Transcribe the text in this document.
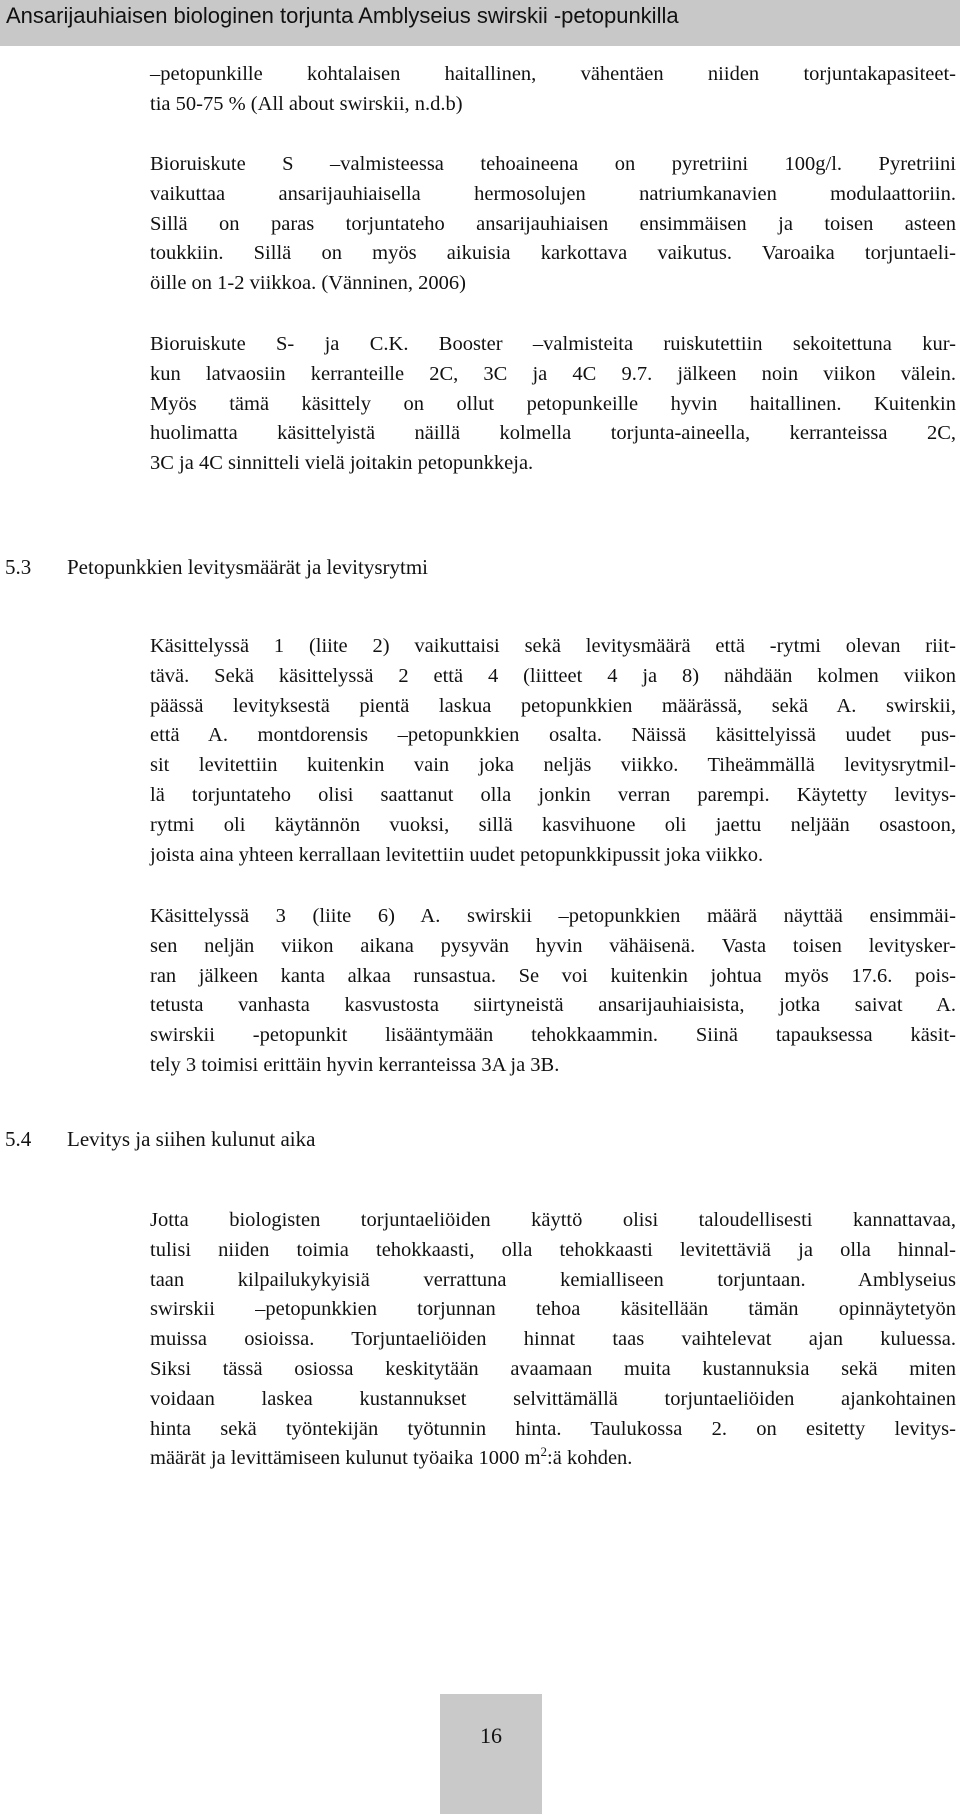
Ansarijauhiaisen biologinen torjunta Amblyseius swirskii -petopunkilla
–petopunkille kohtalaisen haitallinen, vähentäen niiden torjuntakapasiteet-
tia 50-75 % (All about swirskii, n.d.b)
Bioruiskute S –valmisteessa tehoaineena on pyretriini 100g/l. Pyretriini
vaikuttaa ansarijauhiaisella hermosolujen natriumkanavien modulaattoriin.
Sillä on paras torjuntateho ansarijauhiaisen ensimmäisen ja toisen asteen
toukkiin. Sillä on myös aikuisia karkottava vaikutus. Varoaika torjuntaeli-
öille on 1-2 viikkoa. (Vänninen, 2006)
Bioruiskute S- ja C.K. Booster –valmisteita ruiskutettiin sekoitettuna kur-
kun latvaosiin kerranteille 2C, 3C ja 4C 9.7. jälkeen noin viikon välein.
Myös tämä käsittely on ollut petopunkeille hyvin haitallinen. Kuitenkin
huolimatta käsittelyistä näillä kolmella torjunta-aineella, kerranteissa 2C,
3C ja 4C sinnitteli vielä joitakin petopunkkeja.
5.3 Petopunkkien levitysmäärät ja levitysrytmi
Käsittelyssä 1 (liite 2) vaikuttaisi sekä levitysmäärä että -rytmi olevan riit-
tävä. Sekä käsittelyssä 2 että 4 (liitteet 4 ja 8) nähdään kolmen viikon
päässä levityksestä pientä laskua petopunkkien määrässä, sekä A. swirskii,
että A. montdorensis –petopunkkien osalta. Näissä käsittelyissä uudet pus-
sit levitettiin kuitenkin vain joka neljäs viikko. Tiheämmällä levitysrytmil-
lä torjuntateho olisi saattanut olla jonkin verran parempi. Käytetty levitys-
rytmi oli käytännön vuoksi, sillä kasvihuone oli jaettu neljään osastoon,
joista aina yhteen kerrallaan levitettiin uudet petopunkkipussit joka viikko.
Käsittelyssä 3 (liite 6) A. swirskii –petopunkkien määrä näyttää ensimmäi-
sen neljän viikon aikana pysyvän hyvin vähäisenä. Vasta toisen levitysker-
ran jälkeen kanta alkaa runsastua. Se voi kuitenkin johtua myös 17.6. pois-
tetusta vanhasta kasvustosta siirtyneistä ansarijauhiaisista, jotka saivat A.
swirskii -petopunkit lisääntymään tehokkaammin. Siinä tapauksessa käsit-
tely 3 toimisi erittäin hyvin kerranteissa 3A ja 3B.
5.4 Levitys ja siihen kulunut aika
Jotta biologisten torjuntaeliöiden käyttö olisi taloudellisesti kannattavaa,
tulisi niiden toimia tehokkaasti, olla tehokkaasti levitettäviä ja olla hinnal-
taan kilpailukykyisiä verrattuna kemialliseen torjuntaan. Amblyseius
swirskii –petopunkkien torjunnan tehoa käsitellään tämän opinnäytetyön
muissa osioissa. Torjuntaeliöiden hinnat taas vaihtelevat ajan kuluessa.
Siksi tässä osiossa keskitytään avaamaan muita kustannuksia sekä miten
voidaan laskea kustannukset selvittämällä torjuntaeliöiden ajankohtainen
hinta sekä työntekijän työtunnin hinta. Taulukossa 2. on esitetty levitys-
määrät ja levittämiseen kulunut työaika 1000 $m^2:ä$ kohden.
16
